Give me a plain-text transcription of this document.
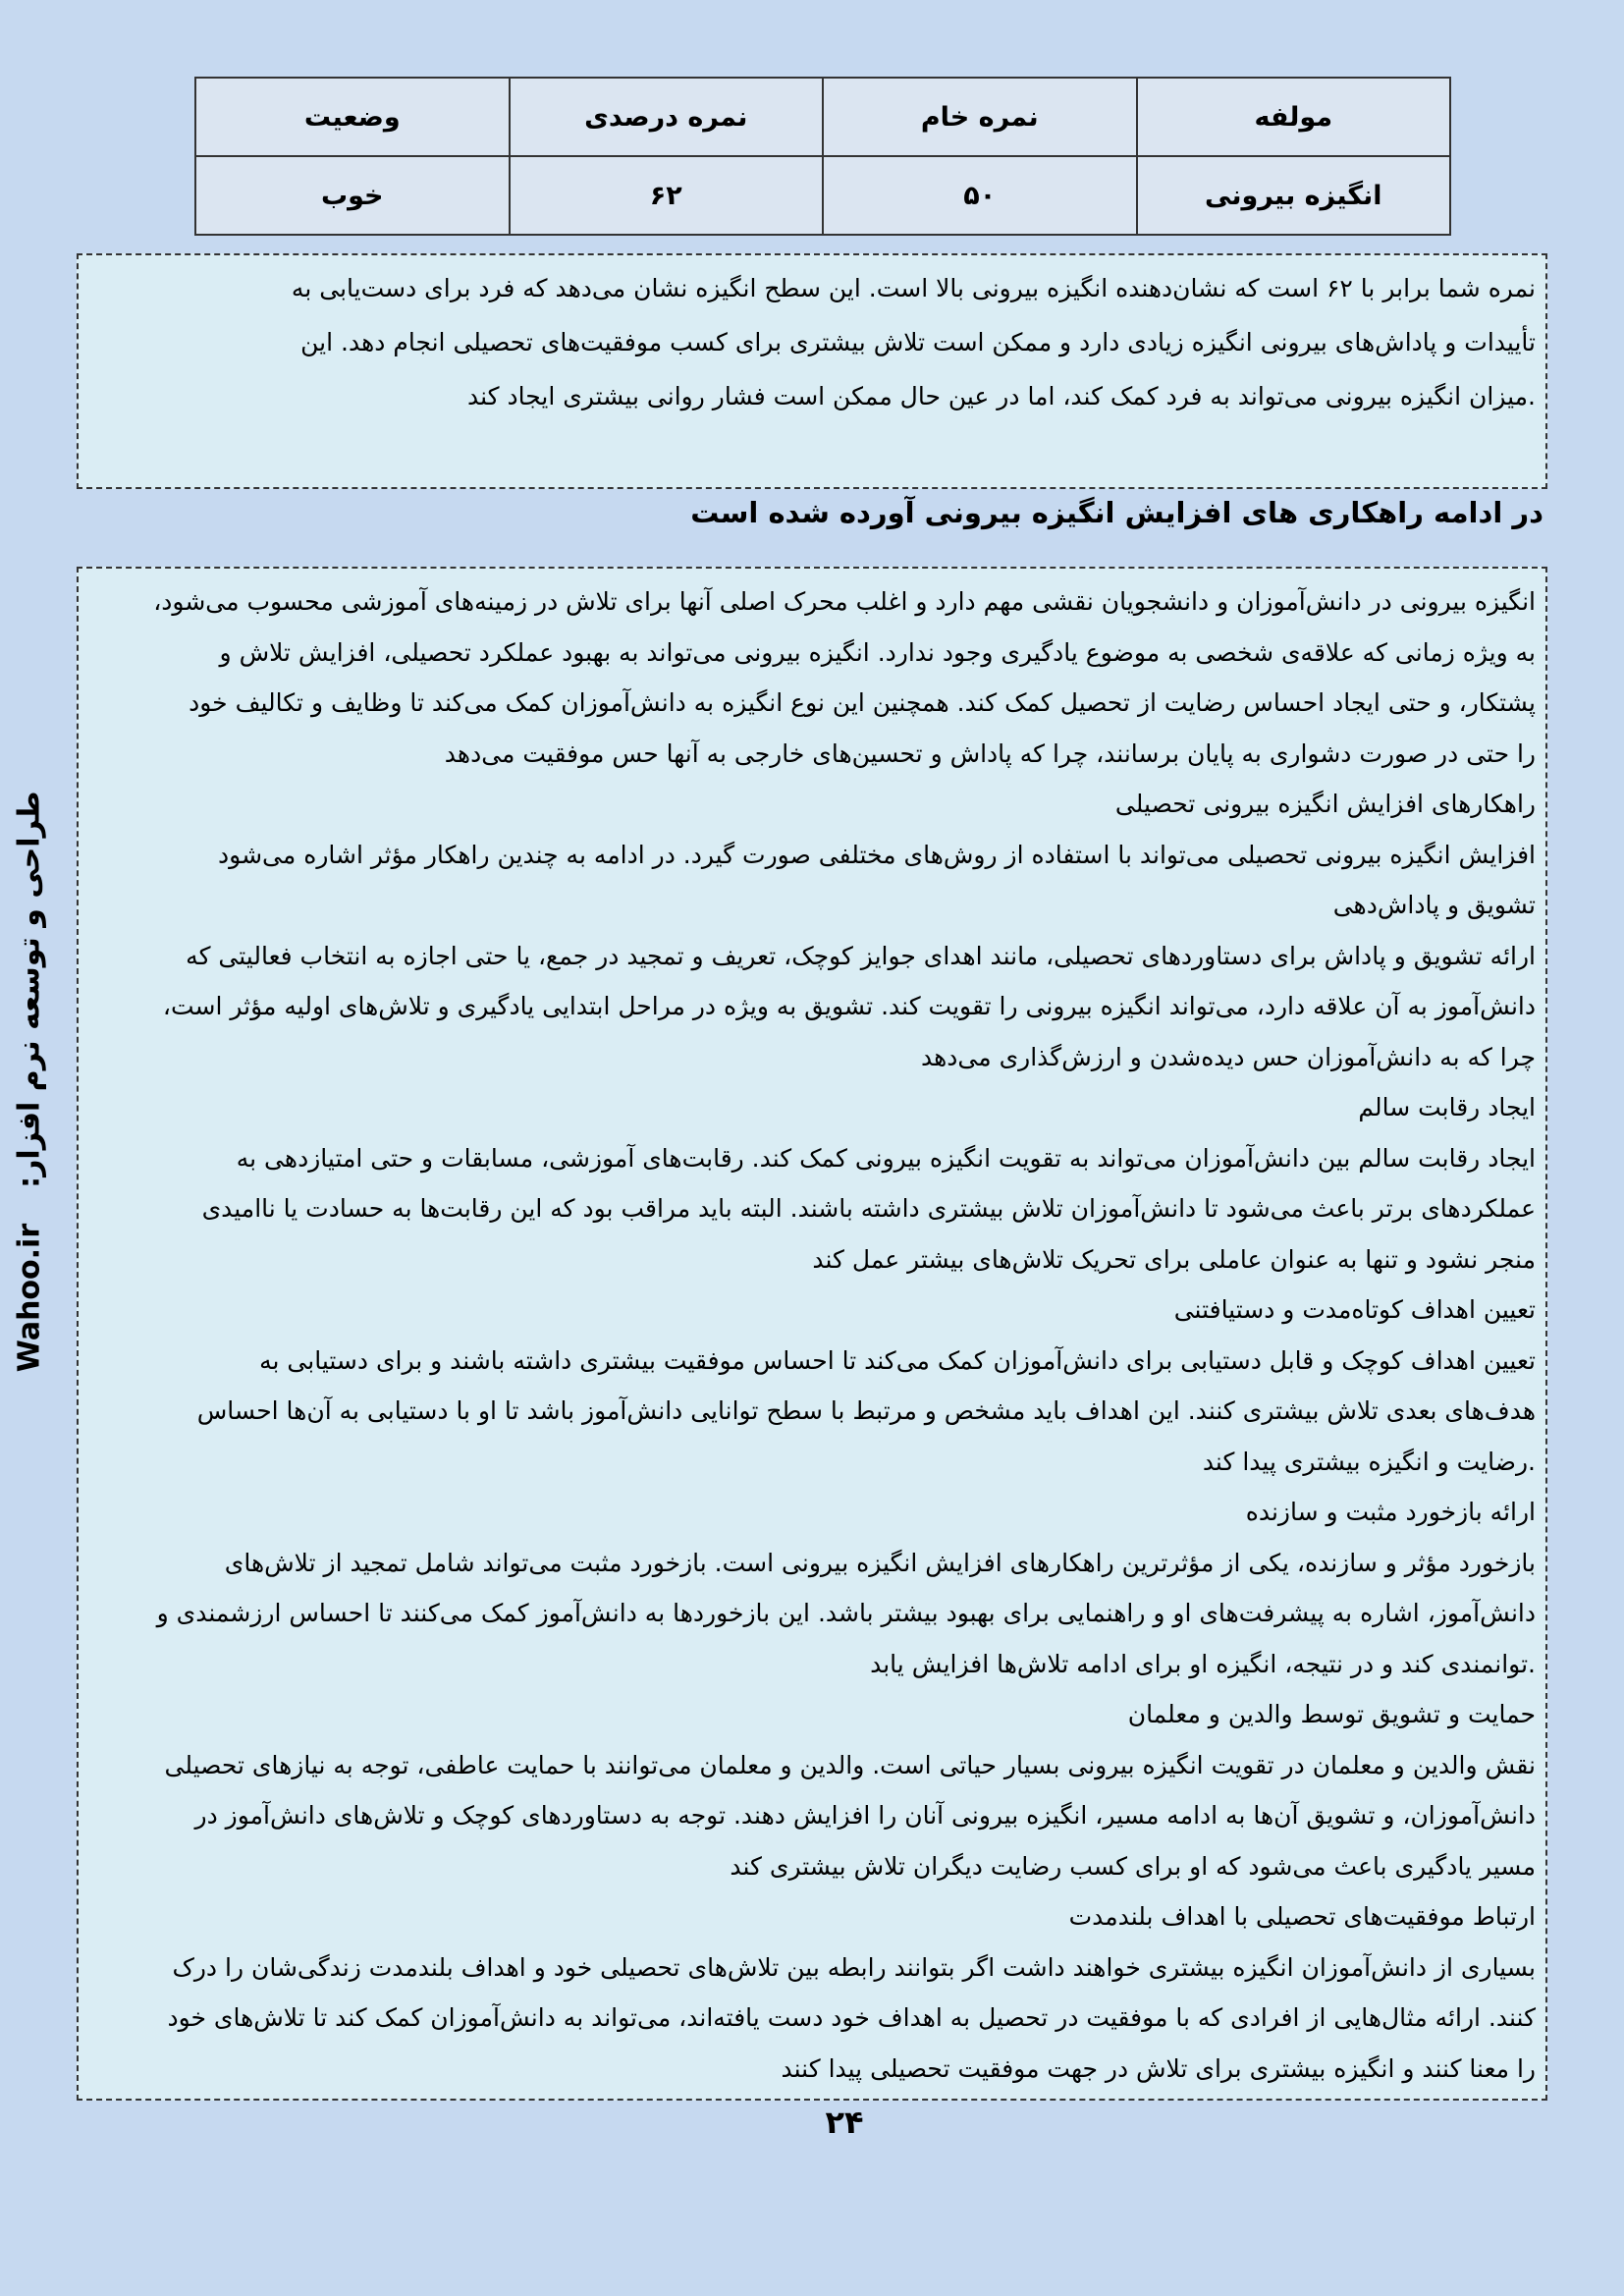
مولفه	نمره خام	نمره درصدی	وضعیت
انگیزه بیرونی	۵۰	۶۲	خوب
نمره شما برابر با ۶۲ است که نشان‌دهنده انگیزه بیرونی بالا است. این سطح انگیزه نشان می‌دهد که فرد برای دست‌یابی به
تأییدات و پاداش‌های بیرونی انگیزه زیادی دارد و ممکن است تلاش بیشتری برای کسب موفقیت‌های تحصیلی انجام دهد. این
.میزان انگیزه بیرونی می‌تواند به فرد کمک کند، اما در عین حال ممکن است فشار روانی بیشتری ایجاد کند
در ادامه راهکاری های افزایش انگیزه بیرونی آورده شده است
انگیزه بیرونی در دانش‌آموزان و دانشجویان نقشی مهم دارد و اغلب محرک اصلی آنها برای تلاش در زمینه‌های آموزشی محسوب می‌شود،
به ویژه زمانی که علاقه‌ی شخصی به موضوع یادگیری وجود ندارد. انگیزه بیرونی می‌تواند به بهبود عملکرد تحصیلی، افزایش تلاش و
پشتکار، و حتی ایجاد احساس رضایت از تحصیل کمک کند. همچنین این نوع انگیزه به دانش‌آموزان کمک می‌کند تا وظایف و تکالیف خود
را حتی در صورت دشواری به پایان برسانند، چرا که پاداش و تحسین‌های خارجی به آنها حس موفقیت می‌دهد
راهکارهای افزایش انگیزه بیرونی تحصیلی
افزایش انگیزه بیرونی تحصیلی می‌تواند با استفاده از روش‌های مختلفی صورت گیرد. در ادامه به چندین راهکار مؤثر اشاره می‌شود
تشویق و پاداش‌دهی
ارائه تشویق و پاداش برای دستاوردهای تحصیلی، مانند اهدای جوایز کوچک، تعریف و تمجید در جمع، یا حتی اجازه به انتخاب فعالیتی که
دانش‌آموز به آن علاقه دارد، می‌تواند انگیزه بیرونی را تقویت کند. تشویق به ویژه در مراحل ابتدایی یادگیری و تلاش‌های اولیه مؤثر است،
چرا که به دانش‌آموزان حس دیده‌شدن و ارزش‌گذاری می‌دهد
ایجاد رقابت سالم
ایجاد رقابت سالم بین دانش‌آموزان می‌تواند به تقویت انگیزه بیرونی کمک کند. رقابت‌های آموزشی، مسابقات و حتی امتیازدهی به
عملکردهای برتر باعث می‌شود تا دانش‌آموزان تلاش بیشتری داشته باشند. البته باید مراقب بود که این رقابت‌ها به حسادت یا ناامیدی
منجر نشود و تنها به عنوان عاملی برای تحریک تلاش‌های بیشتر عمل کند
تعیین اهداف کوتاه‌مدت و دستیافتنی
تعیین اهداف کوچک و قابل دستیابی برای دانش‌آموزان کمک می‌کند تا احساس موفقیت بیشتری داشته باشند و برای دستیابی به
هدف‌های بعدی تلاش بیشتری کنند. این اهداف باید مشخص و مرتبط با سطح توانایی دانش‌آموز باشد تا او با دستیابی به آن‌ها احساس
.رضایت و انگیزه بیشتری پیدا کند
ارائه بازخورد مثبت و سازنده
بازخورد مؤثر و سازنده، یکی از مؤثرترین راهکارهای افزایش انگیزه بیرونی است. بازخورد مثبت می‌تواند شامل تمجید از تلاش‌های
دانش‌آموز، اشاره به پیشرفت‌های او و راهنمایی برای بهبود بیشتر باشد. این بازخوردها به دانش‌آموز کمک می‌کنند تا احساس ارزشمندی و
.توانمندی کند و در نتیجه، انگیزه او برای ادامه تلاش‌ها افزایش یابد
حمایت و تشویق توسط والدین و معلمان
نقش والدین و معلمان در تقویت انگیزه بیرونی بسیار حیاتی است. والدین و معلمان می‌توانند با حمایت عاطفی، توجه به نیازهای تحصیلی
دانش‌آموزان، و تشویق آن‌ها به ادامه مسیر، انگیزه بیرونی آنان را افزایش دهند. توجه به دستاوردهای کوچک و تلاش‌های دانش‌آموز در
مسیر یادگیری باعث می‌شود که او برای کسب رضایت دیگران تلاش بیشتری کند
ارتباط موفقیت‌های تحصیلی با اهداف بلندمدت
بسیاری از دانش‌آموزان انگیزه بیشتری خواهند داشت اگر بتوانند رابطه بین تلاش‌های تحصیلی خود و اهداف بلندمدت زندگی‌شان را درک
کنند. ارائه مثال‌هایی از افرادی که با موفقیت در تحصیل به اهداف خود دست یافته‌اند، می‌تواند به دانش‌آموزان کمک کند تا تلاش‌های خود
را معنا کنند و انگیزه بیشتری برای تلاش در جهت موفقیت تحصیلی پیدا کنند
۲۴
طراحی و توسعه نرم افزار:Wahoo.ir
